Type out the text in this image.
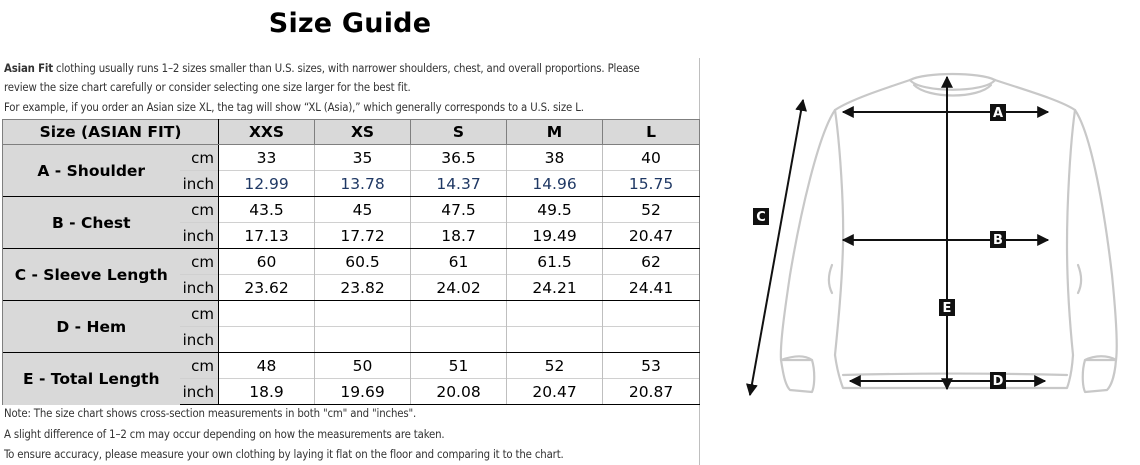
Size Guide
Asian Fit clothing usually runs 1–2 sizes smaller than U.S. sizes, with narrower shoulders, chest, and overall proportions. Please
review the size chart carefully or consider selecting one size larger for the best fit.
For example, if you order an Asian size XL, the tag will show “XL (Asia),” which generally corresponds to a U.S. size L.
Size (ASIAN FIT)		XXS	XS	S	M	L
A - Shoulder	cm	33	35	36.5	38	40
	inch	12.99	13.78	14.37	14.96	15.75
B - Chest	cm	43.5	45	47.5	49.5	52
	inch	17.13	17.72	18.7	19.49	20.47
C - Sleeve Length	cm	60	60.5	61	61.5	62
	inch	23.62	23.82	24.02	24.21	24.41
D - Hem	cm					
	inch					
E - Total Length	cm	48	50	51	52	53
	inch	18.9	19.69	20.08	20.47	20.87
Note: The size chart shows cross-section measurements in both "cm" and "inches".
A slight difference of 1–2 cm may occur depending on how the measurements are taken.
To ensure accuracy, please measure your own clothing by laying it flat on the floor and comparing it to the chart.
A
B
C
D
E
